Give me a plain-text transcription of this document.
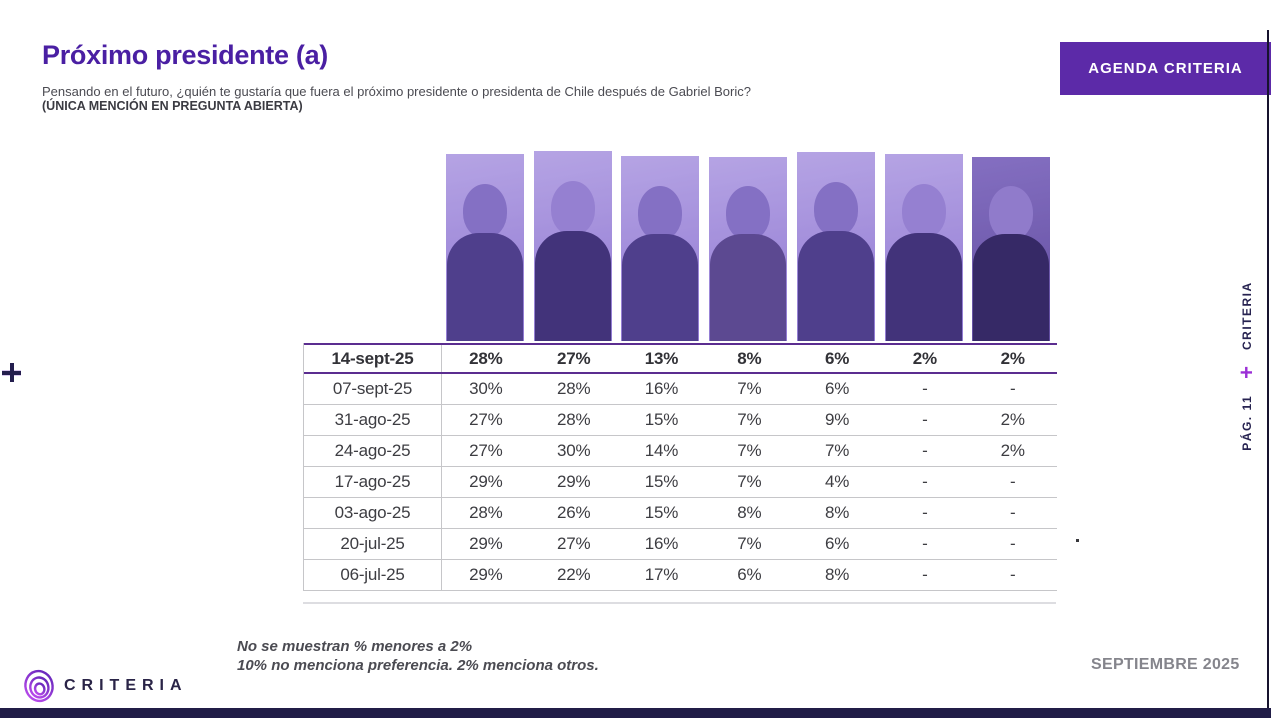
Próximo presidente (a)
Pensando en el futuro, ¿quién te gustaría que fuera el próximo presidente o presidenta de Chile después de Gabriel Boric?
(ÚNICA MENCIÓN EN PREGUNTA ABIERTA)
AGENDA CRITERIA
14-sept-25	28%	27%	13%	8%	6%	2%	2%
07-sept-25	30%	28%	16%	7%	6%	-	-
31-ago-25	27%	28%	15%	7%	9%	-	2%
24-ago-25	27%	30%	14%	7%	7%	-	2%
17-ago-25	29%	29%	15%	7%	4%	-	-
03-ago-25	28%	26%	15%	8%	8%	-	-
20-jul-25	29%	27%	16%	7%	6%	-	-
06-jul-25	29%	22%	17%	6%	8%	-	-
No se muestran % menores a 2%
10% no menciona preferencia. 2% menciona otros.
CRITERIA
SEPTIEMBRE 2025
PÁG. 11
+
CRITERIA
